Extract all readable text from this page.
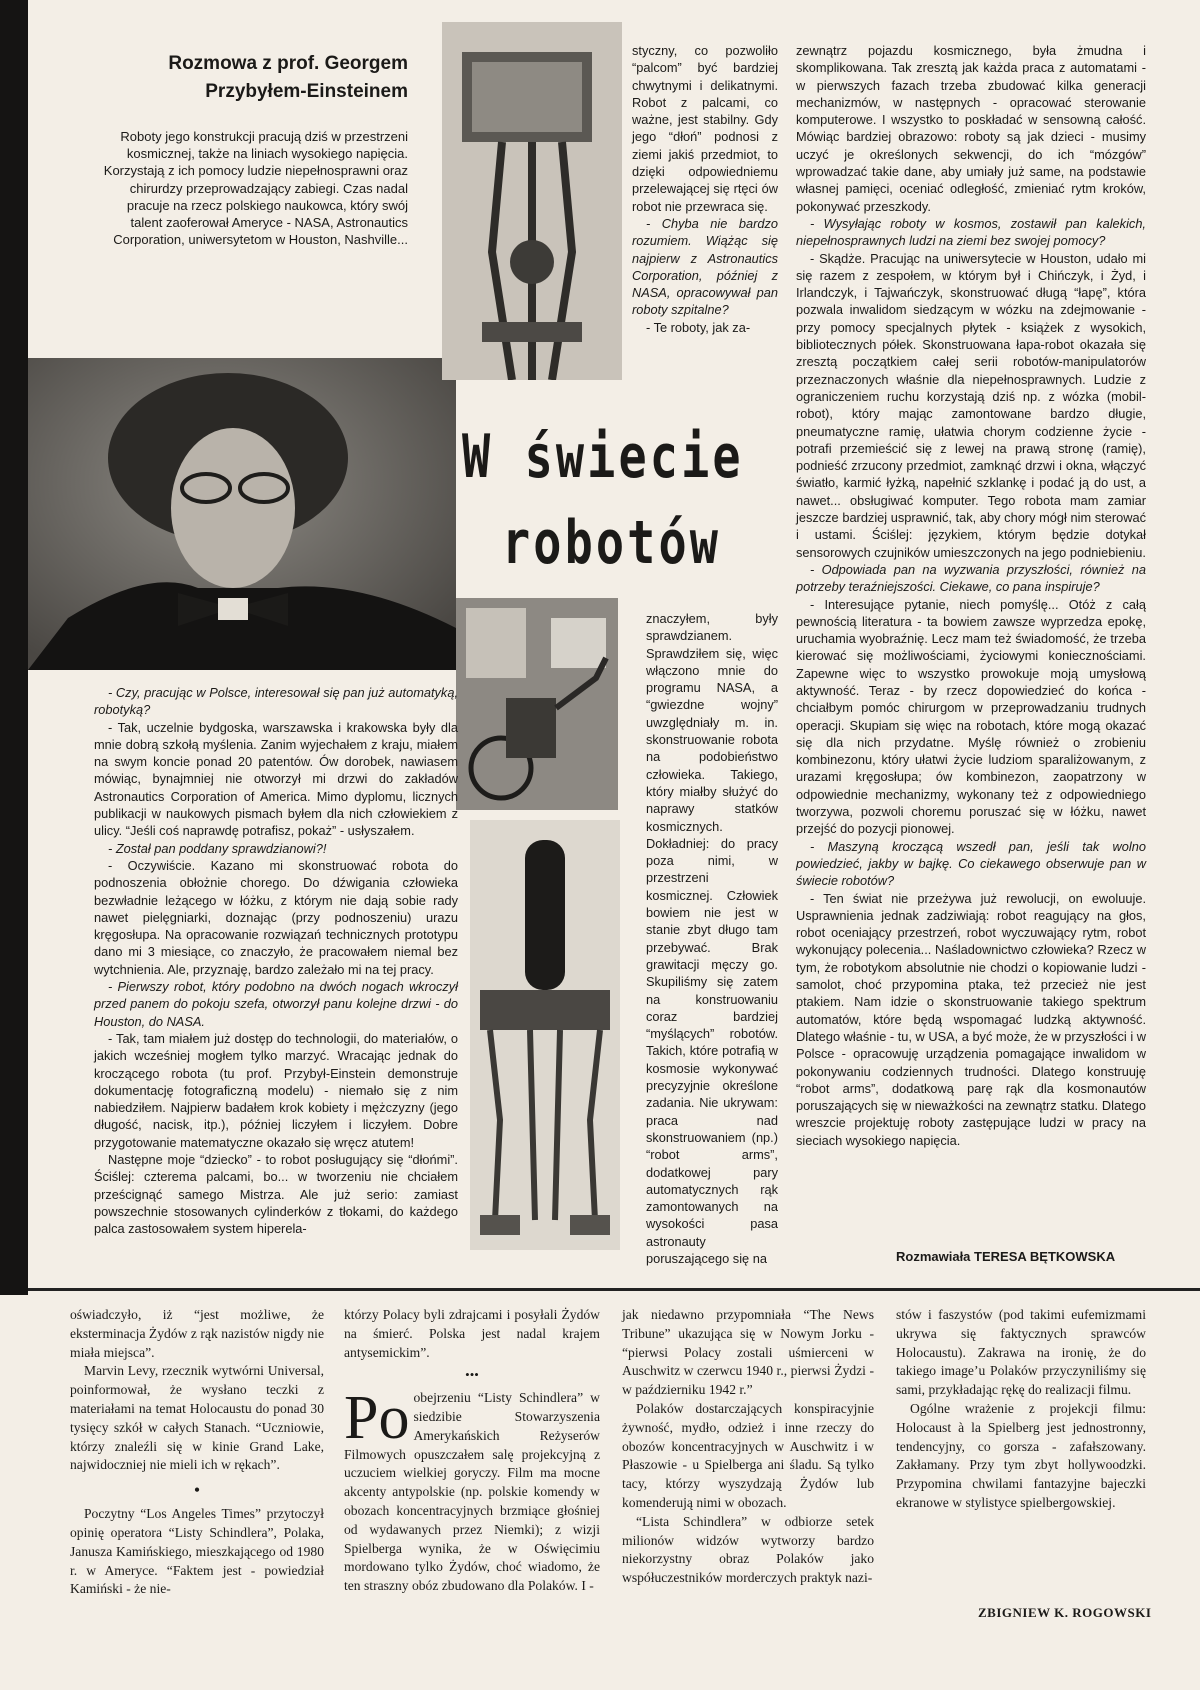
Rozmowa z prof. Georgem
Przybyłem-Einsteinem
Roboty jego konstrukcji pracują dziś w przestrzeni kosmicznej, także na liniach wysokiego napięcia. Korzystają z ich pomocy ludzie niepełnosprawni oraz chirurdzy przeprowadzający zabiegi. Czas nadal pracuje na rzecz polskiego naukowca, który swój talent zaoferował Ameryce - NASA, Astronautics Corporation, uniwersytetom w Houston, Nashville...
W świecie
robotów

- Czy, pracując w Polsce, interesował się pan już automatyką, robotyką?

- Tak, uczelnie bydgoska, warszawska i krakowska były dla mnie dobrą szkołą myślenia. Zanim wyjechałem z kraju, miałem na swym koncie ponad 20 patentów. Ów dorobek, nawiasem mówiąc, bynajmniej nie otworzył mi drzwi do zakładów Astronautics Corporation of America. Mimo dyplomu, licznych publikacji w naukowych pismach byłem dla nich człowiekiem z ulicy. “Jeśli coś naprawdę potrafisz, pokaż” - usłyszałem.

- Został pan poddany sprawdzianowi?!

- Oczywiście. Kazano mi skonstruować robota do podnoszenia obłożnie chorego. Do dźwigania człowieka bezwładnie leżącego w łóżku, z którym nie dają sobie rady nawet pielęgniarki, doznając (przy podnoszeniu) urazu kręgosłupa. Na opracowanie rozwiązań technicznych prototypu dano mi 3 miesiące, co znaczyło, że pracowałem niemal bez wytchnienia. Ale, przyznaję, bardzo zależało mi na tej pracy.

- Pierwszy robot, który podobno na dwóch nogach wkroczył przed panem do pokoju szefa, otworzył panu kolejne drzwi - do Houston, do NASA.

- Tak, tam miałem już dostęp do technologii, do materiałów, o jakich wcześniej mogłem tylko marzyć. Wracając jednak do kroczącego robota (tu prof. Przybył-Einstein demonstruje dokumentację fotograficzną modelu) - niemało się z nim nabiedziłem. Najpierw badałem krok kobiety i mężczyzny (jego długość, nacisk, itp.), później liczyłem i liczyłem. Dobre przygotowanie matematyczne okazało się wręcz atutem!

Następne moje “dziecko” - to robot posługujący się “dłońmi”. Ściślej: czterema palcami, bo... w tworzeniu nie chciałem prześcignąć samego Mistrza. Ale już serio: zamiast powszechnie stosowanych cylinderków z tłokami, do każdego palca zastosowałem system hiperela-

styczny, co pozwoliło “palcom” być bardziej chwytnymi i delikatnymi. Robot z palcami, co ważne, jest stabilny. Gdy jego “dłoń” podnosi z ziemi jakiś przedmiot, to dzięki odpowiedniemu przelewającej się rtęci ów robot nie przewraca się.

- Chyba nie bardzo rozumiem. Wiążąc się najpierw z Astronautics Corporation, później z NASA, opracowywał pan roboty szpitalne?

- Te roboty, jak za-

znaczyłem, były sprawdzianem. Sprawdziłem się, więc włączono mnie do programu NASA, a “gwiezdne wojny” uwzględniały m. in. skonstruowanie robota na podobieństwo człowieka. Takiego, który miałby służyć do naprawy statków kosmicznych. Dokładniej: do pracy poza nimi, w przestrzeni kosmicznej. Człowiek bowiem nie jest w stanie zbyt długo tam przebywać. Brak grawitacji męczy go. Skupiliśmy się zatem na konstruowaniu coraz bardziej “myślących” robotów. Takich, które potrafią w kosmosie wykonywać precyzyjnie określone zadania. Nie ukrywam: praca nad skonstruowaniem (np.) “robot arms”, dodatkowej pary automatycznych rąk zamontowanych na wysokości pasa astronauty poruszającego się na

zewnątrz pojazdu kosmicznego, była żmudna i skomplikowana. Tak zresztą jak każda praca z automatami - w pierwszych fazach trzeba zbudować kilka generacji mechanizmów, w następnych - opracować sterowanie komputerowe. I wszystko to poskładać w sensowną całość. Mówiąc bardziej obrazowo: roboty są jak dzieci - musimy uczyć je określonych sekwencji, do ich “mózgów” wprowadzać takie dane, aby umiały już same, na podstawie własnej pamięci, oceniać odległość, zmieniać rytm kroków, pokonywać przeszkody.

- Wysyłając roboty w kosmos, zostawił pan kalekich, niepełnosprawnych ludzi na ziemi bez swojej pomocy?

- Skądże. Pracując na uniwersytecie w Houston, udało mi się razem z zespołem, w którym był i Chińczyk, i Żyd, i Irlandczyk, i Tajwańczyk, skonstruować długą “łapę”, która pozwala inwalidom siedzącym w wózku na zdejmowanie - przy pomocy specjalnych płytek - książek z wysokich, bibliotecznych półek. Skonstruowana łapa-robot okazała się zresztą początkiem całej serii robotów-manipulatorów przeznaczonych właśnie dla niepełnosprawnych. Ludzie z ograniczeniem ruchu korzystają dziś np. z wózka (mobil-robot), który mając zamontowane bardzo długie, pneumatyczne ramię, ułatwia chorym codzienne życie - potrafi przemieścić się z lewej na prawą stronę (ramię), podnieść zrzucony przedmiot, zamknąć drzwi i okna, włączyć światło, karmić łyżką, napełnić szklankę i podać ją do ust, a nawet... obsługiwać komputer. Tego robota mam zamiar jeszcze bardziej usprawnić, tak, aby chory mógł nim sterować i ustami. Ściślej: językiem, którym będzie dotykał sensorowych czujników umieszczonych na jego podniebieniu.

- Odpowiada pan na wyzwania przyszłości, również na potrzeby teraźniejszości. Ciekawe, co pana inspiruje?

- Interesujące pytanie, niech pomyślę... Otóż z całą pewnością literatura - ta bowiem zawsze wyprzedza epokę, uruchamia wyobraźnię. Lecz mam też świadomość, że trzeba kierować się możliwościami, życiowymi koniecznościami. Zapewne więc to wszystko prowokuje moją umysłową aktywność. Teraz - by rzecz dopowiedzieć do końca - chciałbym pomóc chirurgom w przeprowadzaniu trudnych operacji. Skupiam się więc na robotach, które mogą okazać się dla nich przydatne. Myślę również o zrobieniu kombinezonu, który ułatwi życie ludziom sparaliżowanym, z urazami kręgosłupa; ów kombinezon, zaopatrzony w odpowiednie mechanizmy, wykonany też z odpowiedniego tworzywa, pozwoli choremu poruszać się w łóżku, nawet przejść do pozycji pionowej.

- Maszyną kroczącą wszedł pan, jeśli tak wolno powiedzieć, jakby w bajkę. Co ciekawego obserwuje pan w świecie robotów?

- Ten świat nie przeżywa już rewolucji, on ewoluuje. Usprawnienia jednak zadziwiają: robot reagujący na głos, robot oceniający przestrzeń, robot wyczuwający rytm, robot wykonujący polecenia... Naśladownictwo człowieka? Rzecz w tym, że robotykom absolutnie nie chodzi o kopiowanie ludzi - samolot, choć przypomina ptaka, też przecież nie jest ptakiem. Nam idzie o skonstruowanie takiego spektrum automatów, które będą wspomagać ludzką aktywność. Dlatego właśnie - tu, w USA, a być może, że w przyszłości i w Polsce - opracowuję urządzenia pomagające inwalidom w pokonywaniu codziennych trudności. Dlatego konstruuję “robot arms”, dodatkową parę rąk dla kosmonautów poruszających się w nieważkości na zewnątrz statku. Dlatego wreszcie projektuję roboty zastępujące ludzi w pracy na sieciach wysokiego napięcia.

Rozmawiała TERESA BĘTKOWSKA

oświadczyło, iż “jest możliwe, że eksterminacja Żydów z rąk nazistów nigdy nie miała miejsca”.

Marvin Levy, rzecznik wytwórni Universal, poinformował, że wysłano teczki z materiałami na temat Holocaustu do ponad 30 tysięcy szkół w całych Stanach. “Uczniowie, którzy znaleźli się w kinie Grand Lake, najwidoczniej nie mieli ich w rękach”.

•

Poczytny “Los Angeles Times” przytoczył opinię operatora “Listy Schindlera”, Polaka, Janusza Kamińskiego, mieszkającego od 1980 r. w Ameryce. “Faktem jest - powiedział Kamiński - że nie-

którzy Polacy byli zdrajcami i posyłali Żydów na śmierć. Polska jest nadal krajem antysemickim”.

•••

Po obejrzeniu “Listy Schindlera” w siedzibie Stowarzyszenia Amerykańskich Reżyserów Filmowych opuszczałem salę projekcyjną z uczuciem wielkiej goryczy. Film ma mocne akcenty antypolskie (np. polskie komendy w obozach koncentracyjnych brzmiące głośniej od wydawanych przez Niemki); z wizji Spielberga wynika, że w Oświęcimiu mordowano tylko Żydów, choć wiadomo, że ten straszny obóz zbudowano dla Polaków. I -

jak niedawno przypomniała “The News Tribune” ukazująca się w Nowym Jorku - “pierwsi Polacy zostali uśmierceni w Auschwitz w czerwcu 1940 r., pierwsi Żydzi - w październiku 1942 r.”

Polaków dostarczających konspiracyjnie żywność, mydło, odzież i inne rzeczy do obozów koncentracyjnych w Auschwitz i w Płaszowie - u Spielberga ani śladu. Są tylko tacy, którzy wyszydzają Żydów lub komenderują nimi w obozach.

“Lista Schindlera” w odbiorze setek milionów widzów wytworzy bardzo niekorzystny obraz Polaków jako współuczestników morderczych praktyk nazi-

stów i faszystów (pod takimi eufemizmami ukrywa się faktycznych sprawców Holocaustu). Zakrawa na ironię, że do takiego image’u Polaków przyczyniliśmy się sami, przykładając rękę do realizacji filmu.

Ogólne wrażenie z projekcji filmu: Holocaust à la Spielberg jest jednostronny, tendencyjny, co gorsza - zafałszowany. Zakłamany. Przy tym zbyt hollywoodzki. Przypomina chwilami fantazyjne bajeczki ekranowe w stylistyce spielbergowskiej.

ZBIGNIEW K. ROGOWSKI
